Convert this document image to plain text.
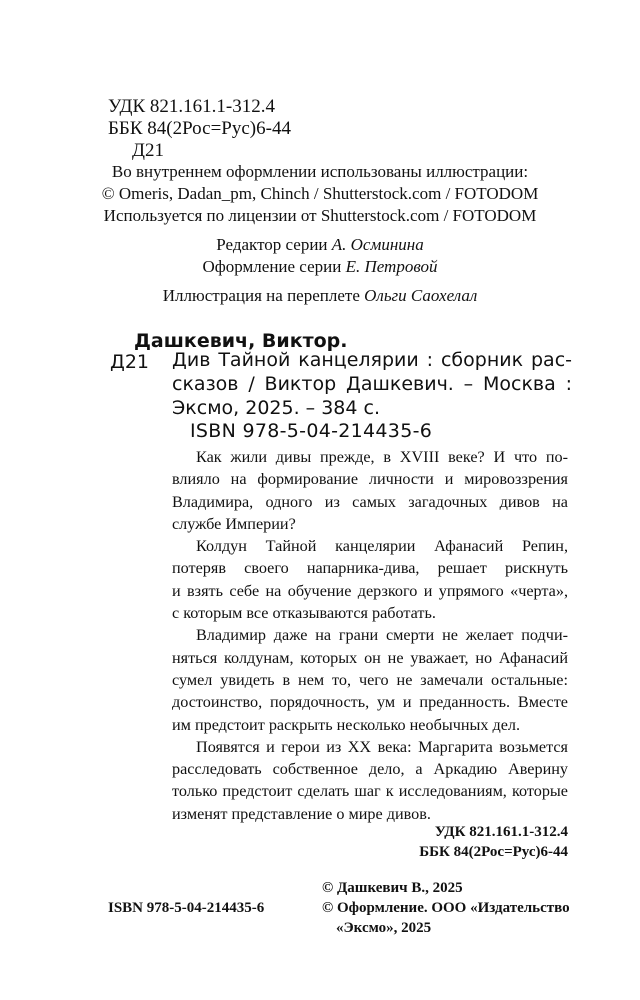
УДК 821.161.1-312.4
ББК 84(2Рос=Рус)6-44
Д21
Во внутреннем оформлении использованы иллюстрации:
© Omeris, Dadan_pm, Chinch / Shutterstock.com / FOTODOM
Используется по лицензии от Shutterstock.com / FOTODOM
Редактор серии А. Осминина
Оформление серии Е. Петровой
Иллюстрация на переплете Ольги Саохелал
Дашкевич, Виктор.
Д21 Див Тайной канцелярии : сборник рас-
сказов / Виктор Дашкевич. – Москва :
Эксмо, 2025. – 384 с.
ISBN 978-5-04-214435-6

Как жили дивы прежде, в XVIII веке? И что по-
влияло на формирование личности и мировоззрения
Владимира, одного из самых загадочных дивов на
службе Империи?

Колдун Тайной канцелярии Афанасий Репин,
потеряв своего напарника-дива, решает рискнуть
и взять себе на обучение дерзкого и упрямого «черта»,
с которым все отказываются работать.

Владимир даже на грани смерти не желает подчи-
няться колдунам, которых он не уважает, но Афанасий
сумел увидеть в нем то, чего не замечали остальные:
достоинство, порядочность, ум и преданность. Вместе
им предстоит раскрыть несколько необычных дел.

Появятся и герои из XX века: Маргарита возьмется
расследовать собственное дело, а Аркадию Аверину
только предстоит сделать шаг к исследованиям, которые
изменят представление о мире дивов.

УДК 821.161.1-312.4
ББК 84(2Рос=Рус)6-44
© Дашкевич В., 2025
© Оформление. ООО «Издательство
«Эксмо», 2025
ISBN 978-5-04-214435-6
